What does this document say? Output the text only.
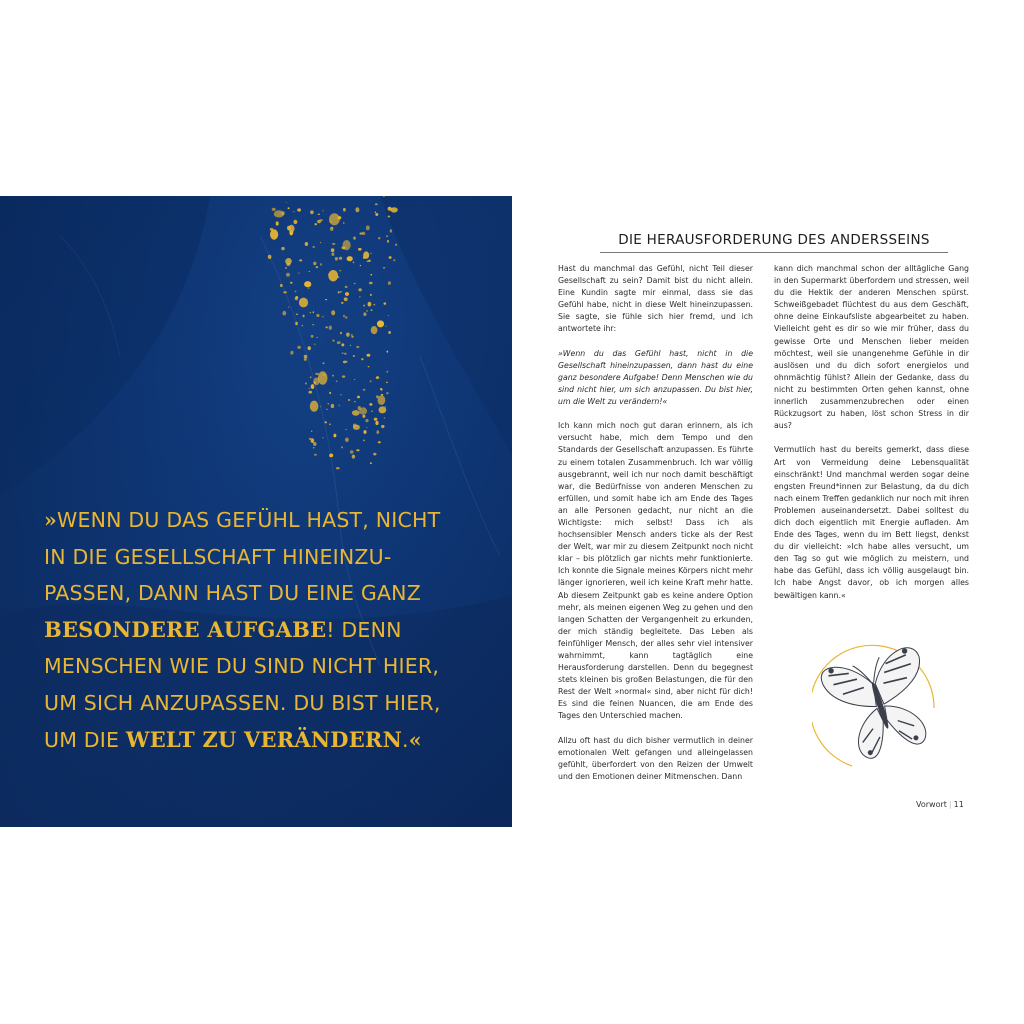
»WENN DU DAS GEFÜHL HAST, NICHT
IN DIE GESELLSCHAFT HINEINZU-
PASSEN, DANN HAST DU EINE GANZ
BESONDERE AUFGABE! DENN
MENSCHEN WIE DU SIND NICHT HIER,
UM SICH ANZUPASSEN. DU BIST HIER,
UM DIE WELT ZU VERÄNDERN.«
DIE HERAUSFORDERUNG DES ANDERSSEINS

Hast du manchmal das Gefühl, nicht Teil dieser Gesellschaft zu sein? Damit bist du nicht allein. Eine Kundin sagte mir einmal, dass sie das Gefühl habe, nicht in diese Welt hineinzupassen. Sie sagte, sie fühle sich hier fremd, und ich antwortete ihr:

»Wenn du das Gefühl hast, nicht in die Gesellschaft hineinzupassen, dann hast du eine ganz besondere Aufgabe! Denn Menschen wie du sind nicht hier, um sich anzupassen. Du bist hier, um die Welt zu verändern!«

Ich kann mich noch gut daran erinnern, als ich versucht habe, mich dem Tempo und den Standards der Gesellschaft anzupassen. Es führte zu einem totalen Zusammenbruch. Ich war völlig ausgebrannt, weil ich nur noch damit beschäftigt war, die Bedürfnisse von anderen Menschen zu erfüllen, und somit habe ich am Ende des Tages an alle Personen gedacht, nur nicht an die Wichtigste: mich selbst! Dass ich als hochsensibler Mensch anders ticke als der Rest der Welt, war mir zu diesem Zeitpunkt noch nicht klar – bis plötzlich gar nichts mehr funktionierte. Ich konnte die Signale meines Körpers nicht mehr länger ignorieren, weil ich keine Kraft mehr hatte. Ab diesem Zeitpunkt gab es keine andere Option mehr, als meinen eigenen Weg zu gehen und den langen Schatten der Vergangenheit zu erkunden, der mich ständig begleitete. Das Leben als feinfühliger Mensch, der alles sehr viel intensiver wahrnimmt, kann tagtäglich eine Herausforderung darstellen. Denn du begegnest stets kleinen bis großen Belastungen, die für den Rest der Welt »normal« sind, aber nicht für dich! Es sind die feinen Nuancen, die am Ende des Tages den Unterschied machen.

Allzu oft hast du dich bisher vermutlich in deiner emotionalen Welt gefangen und alleingelassen gefühlt, überfordert von den Reizen der Umwelt und den Emotionen deiner Mitmenschen. Dann

kann dich manchmal schon der alltägliche Gang in den Supermarkt überfordern und stressen, weil du die Hektik der anderen Menschen spürst. Schweißgebadet flüchtest du aus dem Geschäft, ohne deine Einkaufsliste abgearbeitet zu haben. Vielleicht geht es dir so wie mir früher, dass du gewisse Orte und Menschen lieber meiden möchtest, weil sie unangenehme Gefühle in dir auslösen und du dich sofort energielos und ohnmächtig fühlst? Allein der Gedanke, dass du nicht zu bestimmten Orten gehen kannst, ohne innerlich zusammenzubrechen oder einen Rückzugsort zu haben, löst schon Stress in dir aus?

Vermutlich hast du bereits gemerkt, dass diese Art von Vermeidung deine Lebensqualität einschränkt! Und manchmal werden sogar deine engsten Freund*innen zur Belastung, da du dich nach einem Treffen gedanklich nur noch mit ihren Problemen auseinandersetzt. Dabei solltest du dich doch eigentlich mit Energie aufladen. Am Ende des Tages, wenn du im Bett liegst, denkst du dir vielleicht: »Ich habe alles versucht, um den Tag so gut wie möglich zu meistern, und habe das Gefühl, dass ich völlig ausgelaugt bin. Ich habe Angst davor, ob ich morgen alles bewältigen kann.«

Vorwort | 11
